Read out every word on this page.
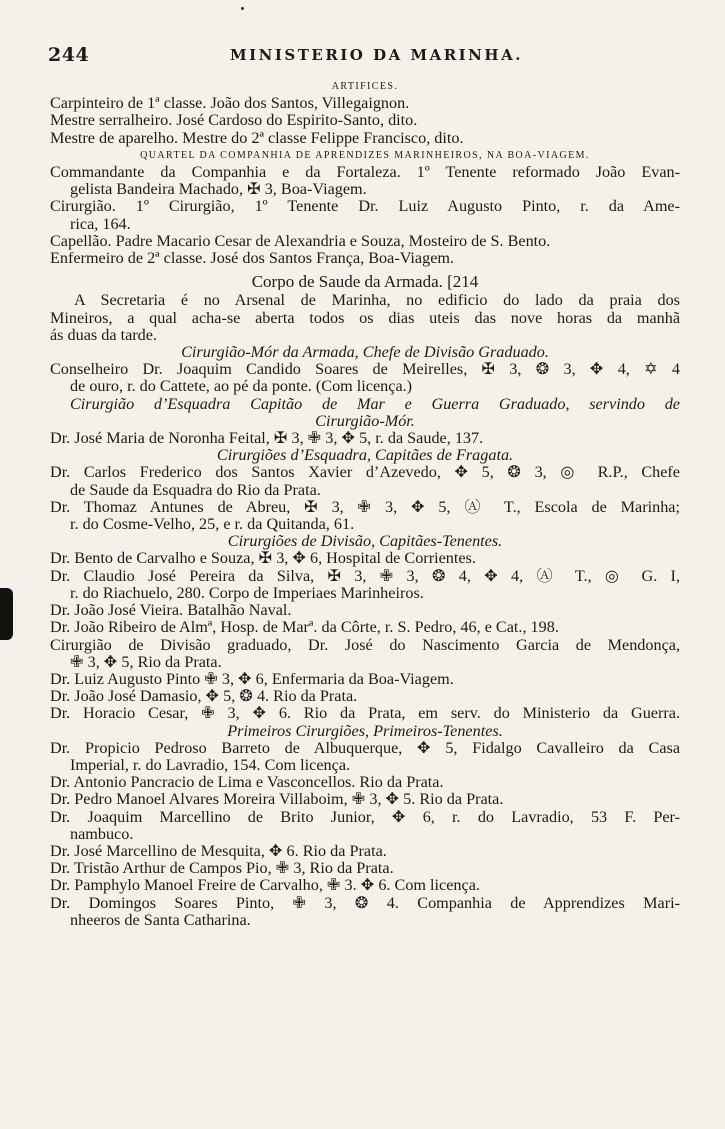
244	MINISTERIO DA MARINHA.
ARTIFICES.
Carpinteiro de 1ª classe. João dos Santos, Villegaignon.
Mestre serralheiro. José Cardoso do Espirito-Santo, dito.
Mestre de aparelho. Mestre do 2ª classe Felippe Francisco, dito.
QUARTEL DA COMPANHIA DE APRENDIZES MARINHEIROS, NA BOA-VIAGEM.
Commandante da Companhia e da Fortaleza. 1º Tenente reformado João Evan-
gelista Bandeira Machado, ✠ 3, Boa-Viagem.
Cirurgião. 1º Cirurgião, 1º Tenente Dr. Luiz Augusto Pinto, r. da Ame-
rica, 164.
Capellão. Padre Macario Cesar de Alexandria e Souza, Mosteiro de S. Bento.
Enfermeiro de 2ª classe. José dos Santos França, Boa-Viagem.
Corpo de Saude da Armada. [214
A Secretaria é no Arsenal de Marinha, no edificio do lado da praia dos
Mineiros, a qual acha-se aberta todos os dias uteis das nove horas da manhã
ás duas da tarde.
Cirurgião-Mór da Armada, Chefe de Divisão Graduado.
Conselheiro Dr. Joaquim Candido Soares de Meirelles, ✠ 3, ❂ 3, ✥ 4, ✡ 4
de ouro, r. do Cattete, ao pé da ponte. (Com licença.)
Cirurgião d’Esquadra Capitão de Mar e Guerra Graduado, servindo de
Cirurgião-Mór.
Dr. José Maria de Noronha Feital, ✠ 3, ✙ 3, ✥ 5, r. da Saude, 137.
Cirurgiões d’Esquadra, Capitães de Fragata.
Dr. Carlos Frederico dos Santos Xavier d’Azevedo, ✥ 5, ❂ 3, ◎ R.P., Chefe
de Saude da Esquadra do Rio da Prata.
Dr. Thomaz Antunes de Abreu, ✠ 3, ✙ 3, ✥ 5, Ⓐ T., Escola de Marinha;
r. do Cosme-Velho, 25, e r. da Quitanda, 61.
Cirurgiões de Divisão, Capitães-Tenentes.
Dr. Bento de Carvalho e Souza, ✠ 3, ✥ 6, Hospital de Corrientes.
Dr. Claudio José Pereira da Silva, ✠ 3, ✙ 3, ❂ 4, ✥ 4, Ⓐ T., ◎ G. I,
r. do Riachuelo, 280. Corpo de Imperiaes Marinheiros.
Dr. João José Vieira. Batalhão Naval.
Dr. João Ribeiro de Almª, Hosp. de Marª. da Côrte, r. S. Pedro, 46, e Cat., 198.
Cirurgião de Divisão graduado, Dr. José do Nascimento Garcia de Mendonça,
✙ 3, ✥ 5, Rio da Prata.
Dr. Luiz Augusto Pinto ✙ 3, ✥ 6, Enfermaria da Boa-Viagem.
Dr. João José Damasio, ✥ 5, ❂ 4. Rio da Prata.
Dr. Horacio Cesar, ✙ 3, ✥ 6. Rio da Prata, em serv. do Ministerio da Guerra.
Primeiros Cirurgiões, Primeiros-Tenentes.
Dr. Propicio Pedroso Barreto de Albuquerque, ✥ 5, Fidalgo Cavalleiro da Casa
Imperial, r. do Lavradio, 154. Com licença.
Dr. Antonio Pancracio de Lima e Vasconcellos. Rio da Prata.
Dr. Pedro Manoel Alvares Moreira Villaboim, ✙ 3, ✥ 5. Rio da Prata.
Dr. Joaquim Marcellino de Brito Junior, ✥ 6, r. do Lavradio, 53 F. Per-
nambuco.
Dr. José Marcellino de Mesquita, ✥ 6. Rio da Prata.
Dr. Tristão Arthur de Campos Pio, ✙ 3, Rio da Prata.
Dr. Pamphylo Manoel Freire de Carvalho, ✙ 3. ✥ 6. Com licença.
Dr. Domingos Soares Pinto, ✙ 3, ❂ 4. Companhia de Apprendizes Mari-
nheeros de Santa Catharina.
